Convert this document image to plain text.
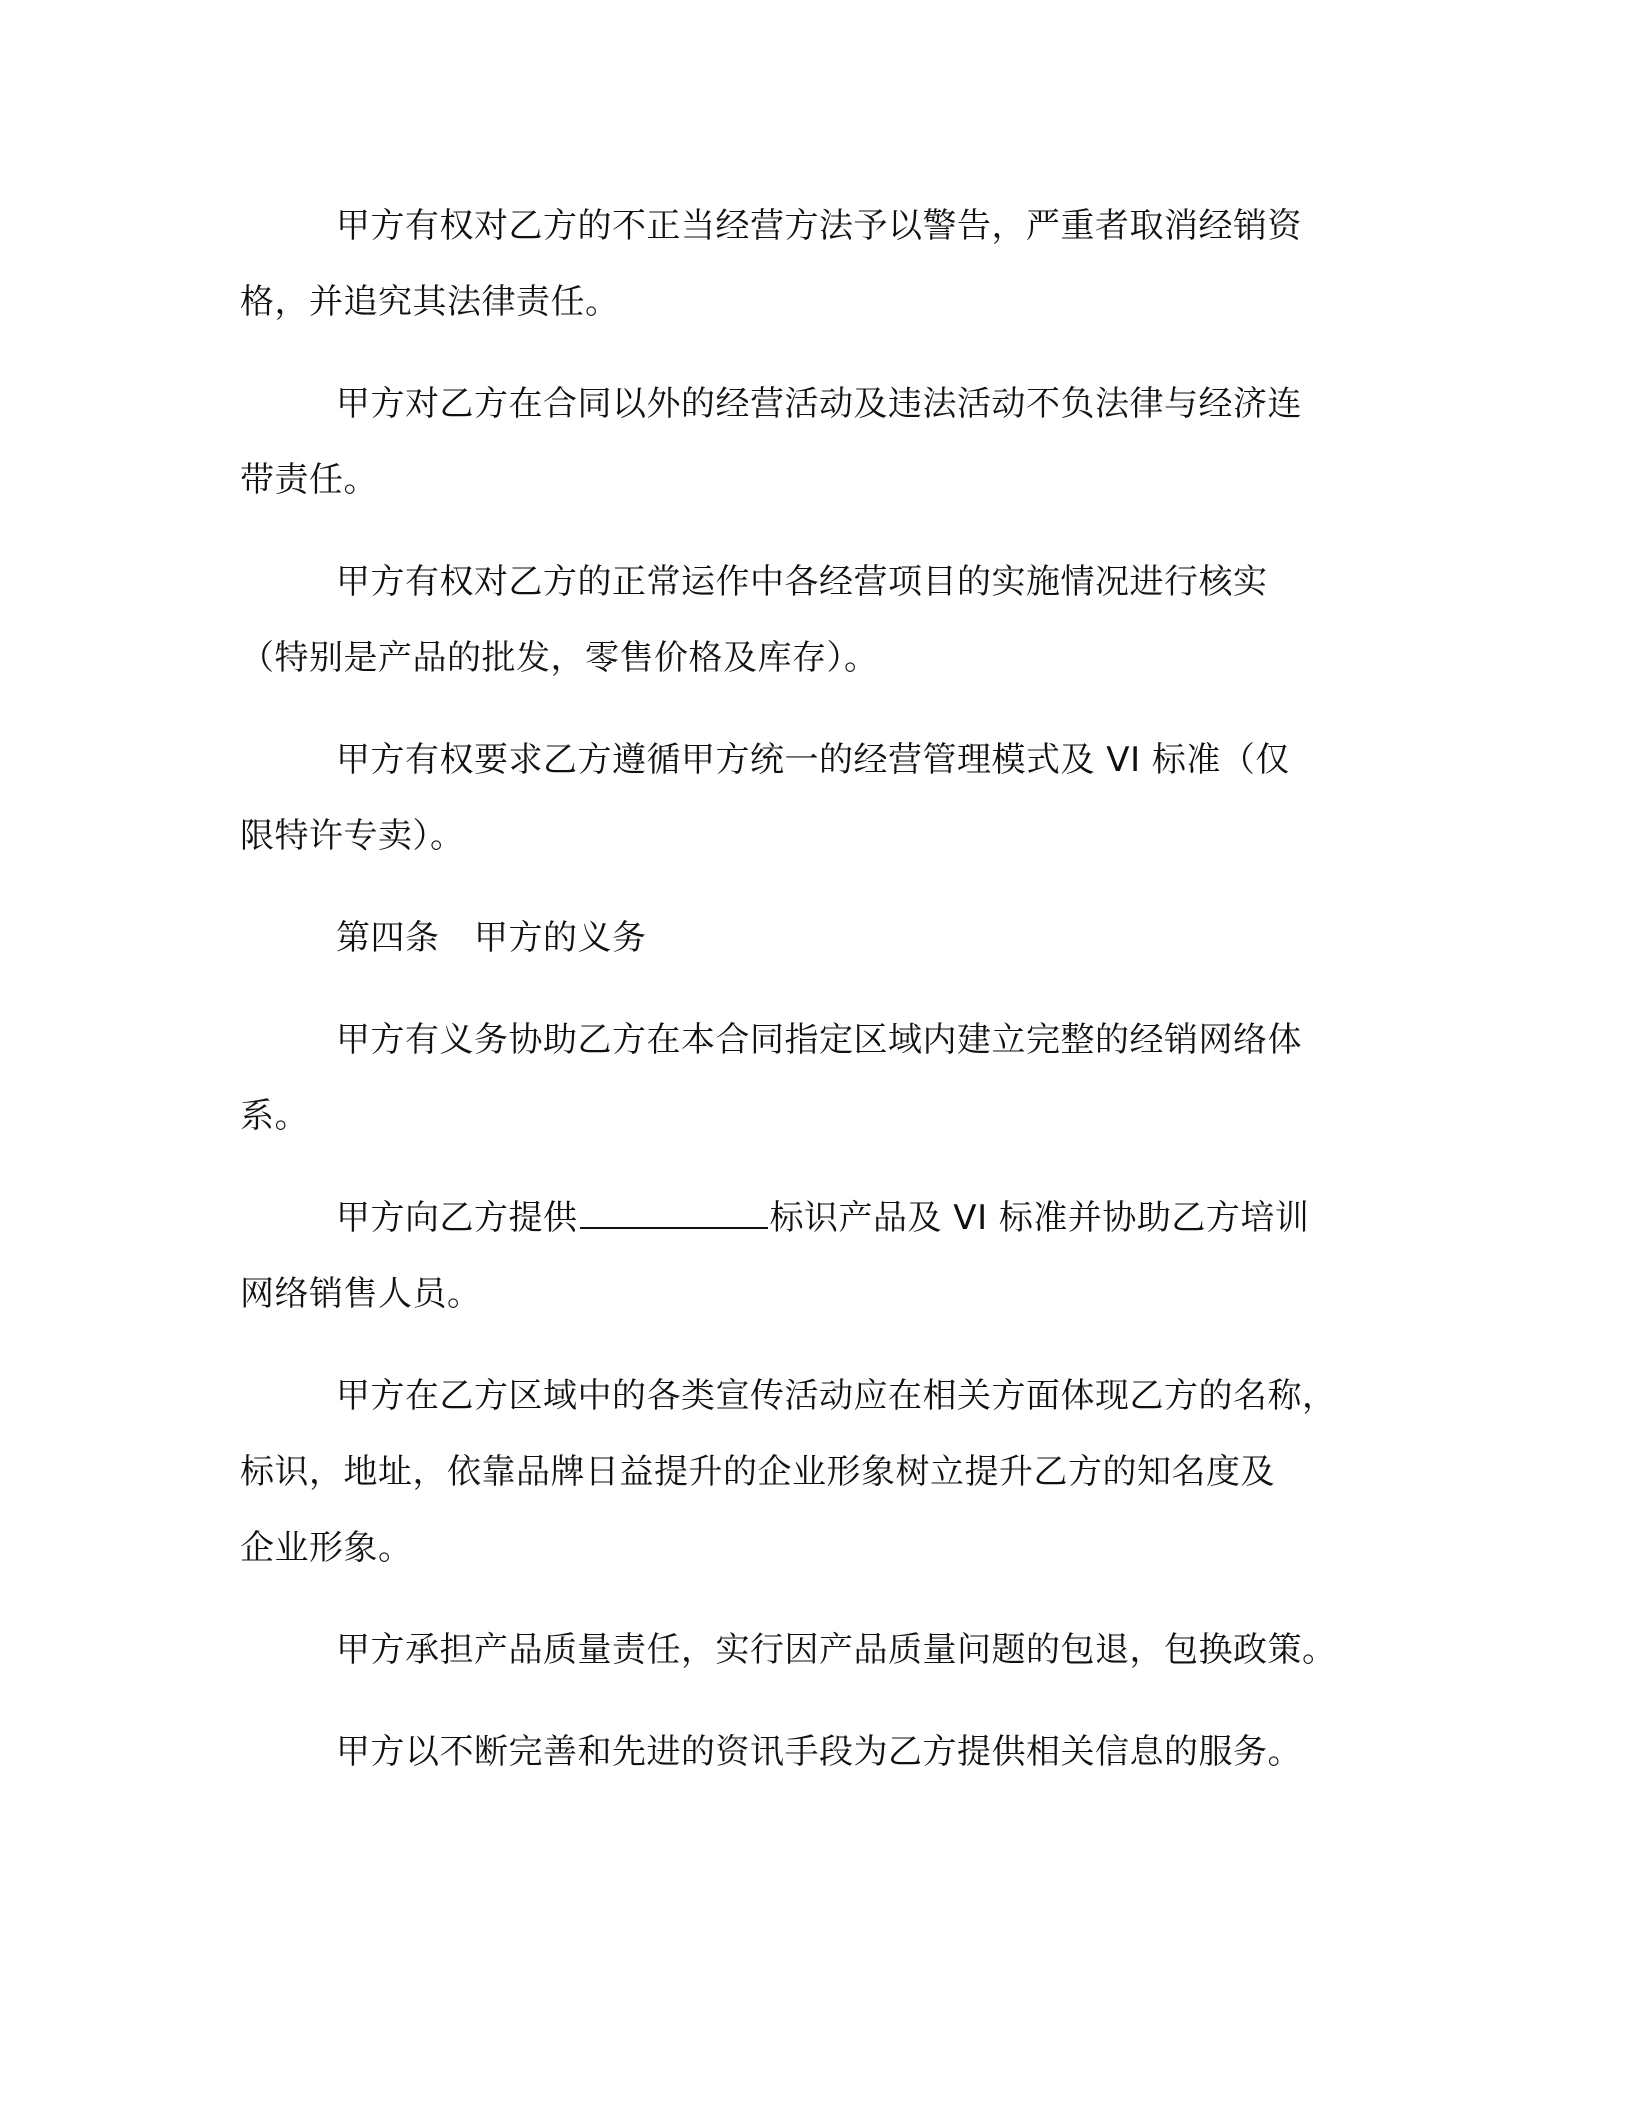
甲方有权对乙方的不正当经营方法予以警告，严重者取消经销资
格，并追究其法律责任。
甲方对乙方在合同以外的经营活动及违法活动不负法律与经济连
带责任。
甲方有权对乙方的正常运作中各经营项目的实施情况进行核实
（特别是产品的批发，零售价格及库存）。
甲方有权要求乙方遵循甲方统一的经营管理模式及 VI 标准（仅
限特许专卖）。
第四条　甲方的义务
甲方有义务协助乙方在本合同指定区域内建立完整的经销网络体
系。
甲方向乙方提供	标识产品及 VI 标准并协助乙方培训
网络销售人员。
甲方在乙方区域中的各类宣传活动应在相关方面体现乙方的名称，
标识，地址，依靠品牌日益提升的企业形象树立提升乙方的知名度及
企业形象。
甲方承担产品质量责任，实行因产品质量问题的包退，包换政策。
甲方以不断完善和先进的资讯手段为乙方提供相关信息的服务。
